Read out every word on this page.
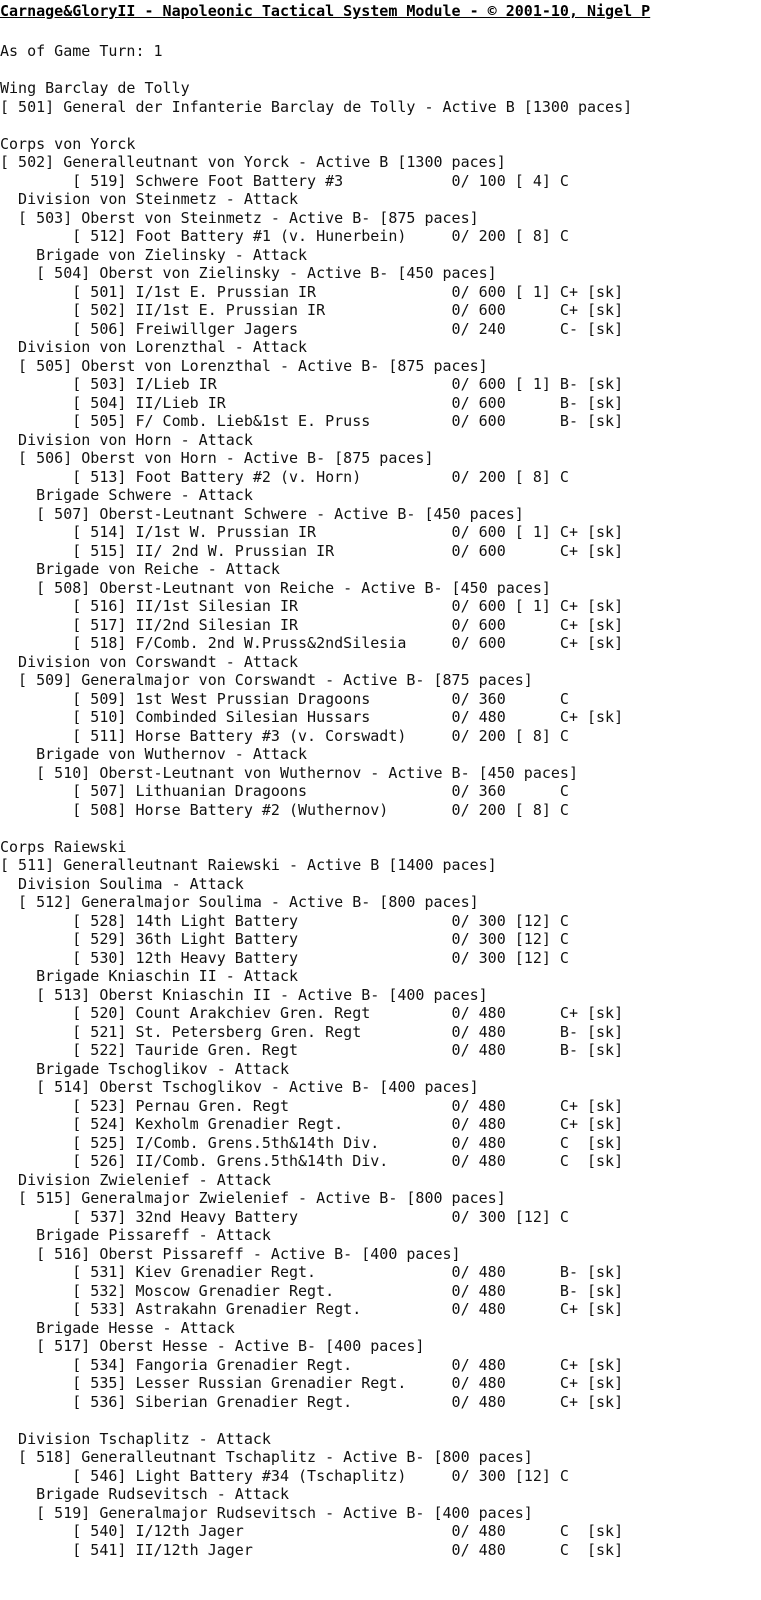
Carnage&GloryII - Napoleonic Tactical System Module - © 2001-10, Nigel P
As of Game Turn: 1
Wing Barclay de Tolly
[ 501] General der Infanterie Barclay de Tolly - Active B [1300 paces]
Corps von Yorck
[ 502] Generalleutnant von Yorck - Active B [1300 paces]
[ 519] Schwere Foot Battery #3            0/ 100 [ 4] C
Division von Steinmetz - Attack
[ 503] Oberst von Steinmetz - Active B- [875 paces]
[ 512] Foot Battery #1 (v. Hunerbein)     0/ 200 [ 8] C
Brigade von Zielinsky - Attack
[ 504] Oberst von Zielinsky - Active B- [450 paces]
[ 501] I/1st E. Prussian IR               0/ 600 [ 1] C+ [sk]
[ 502] II/1st E. Prussian IR              0/ 600      C+ [sk]
[ 506] Freiwillger Jagers                 0/ 240      C- [sk]
Division von Lorenzthal - Attack
[ 505] Oberst von Lorenzthal - Active B- [875 paces]
[ 503] I/Lieb IR                          0/ 600 [ 1] B- [sk]
[ 504] II/Lieb IR                         0/ 600      B- [sk]
[ 505] F/ Comb. Lieb&1st E. Pruss         0/ 600      B- [sk]
Division von Horn - Attack
[ 506] Oberst von Horn - Active B- [875 paces]
[ 513] Foot Battery #2 (v. Horn)          0/ 200 [ 8] C
Brigade Schwere - Attack
[ 507] Oberst-Leutnant Schwere - Active B- [450 paces]
[ 514] I/1st W. Prussian IR               0/ 600 [ 1] C+ [sk]
[ 515] II/ 2nd W. Prussian IR             0/ 600      C+ [sk]
Brigade von Reiche - Attack
[ 508] Oberst-Leutnant von Reiche - Active B- [450 paces]
[ 516] II/1st Silesian IR                 0/ 600 [ 1] C+ [sk]
[ 517] II/2nd Silesian IR                 0/ 600      C+ [sk]
[ 518] F/Comb. 2nd W.Pruss&2ndSilesia     0/ 600      C+ [sk]
Division von Corswandt - Attack
[ 509] Generalmajor von Corswandt - Active B- [875 paces]
[ 509] 1st West Prussian Dragoons         0/ 360      C
[ 510] Combinded Silesian Hussars         0/ 480      C+ [sk]
[ 511] Horse Battery #3 (v. Corswadt)     0/ 200 [ 8] C
Brigade von Wuthernov - Attack
[ 510] Oberst-Leutnant von Wuthernov - Active B- [450 paces]
[ 507] Lithuanian Dragoons                0/ 360      C
[ 508] Horse Battery #2 (Wuthernov)       0/ 200 [ 8] C
Corps Raiewski
[ 511] Generalleutnant Raiewski - Active B [1400 paces]
Division Soulima - Attack
[ 512] Generalmajor Soulima - Active B- [800 paces]
[ 528] 14th Light Battery                 0/ 300 [12] C
[ 529] 36th Light Battery                 0/ 300 [12] C
[ 530] 12th Heavy Battery                 0/ 300 [12] C
Brigade Kniaschin II - Attack
[ 513] Oberst Kniaschin II - Active B- [400 paces]
[ 520] Count Arakchiev Gren. Regt         0/ 480      C+ [sk]
[ 521] St. Petersberg Gren. Regt          0/ 480      B- [sk]
[ 522] Tauride Gren. Regt                 0/ 480      B- [sk]
Brigade Tschoglikov - Attack
[ 514] Oberst Tschoglikov - Active B- [400 paces]
[ 523] Pernau Gren. Regt                  0/ 480      C+ [sk]
[ 524] Kexholm Grenadier Regt.            0/ 480      C+ [sk]
[ 525] I/Comb. Grens.5th&14th Div.        0/ 480      C  [sk]
[ 526] II/Comb. Grens.5th&14th Div.       0/ 480      C  [sk]
Division Zwielenief - Attack
[ 515] Generalmajor Zwielenief - Active B- [800 paces]
[ 537] 32nd Heavy Battery                 0/ 300 [12] C
Brigade Pissareff - Attack
[ 516] Oberst Pissareff - Active B- [400 paces]
[ 531] Kiev Grenadier Regt.               0/ 480      B- [sk]
[ 532] Moscow Grenadier Regt.             0/ 480      B- [sk]
[ 533] Astrakahn Grenadier Regt.          0/ 480      C+ [sk]
Brigade Hesse - Attack
[ 517] Oberst Hesse - Active B- [400 paces]
[ 534] Fangoria Grenadier Regt.           0/ 480      C+ [sk]
[ 535] Lesser Russian Grenadier Regt.     0/ 480      C+ [sk]
[ 536] Siberian Grenadier Regt.           0/ 480      C+ [sk]
Division Tschaplitz - Attack
[ 518] Generalleutnant Tschaplitz - Active B- [800 paces]
[ 546] Light Battery #34 (Tschaplitz)     0/ 300 [12] C
Brigade Rudsevitsch - Attack
[ 519] Generalmajor Rudsevitsch - Active B- [400 paces]
[ 540] I/12th Jager                       0/ 480      C  [sk]
[ 541] II/12th Jager                      0/ 480      C  [sk]
